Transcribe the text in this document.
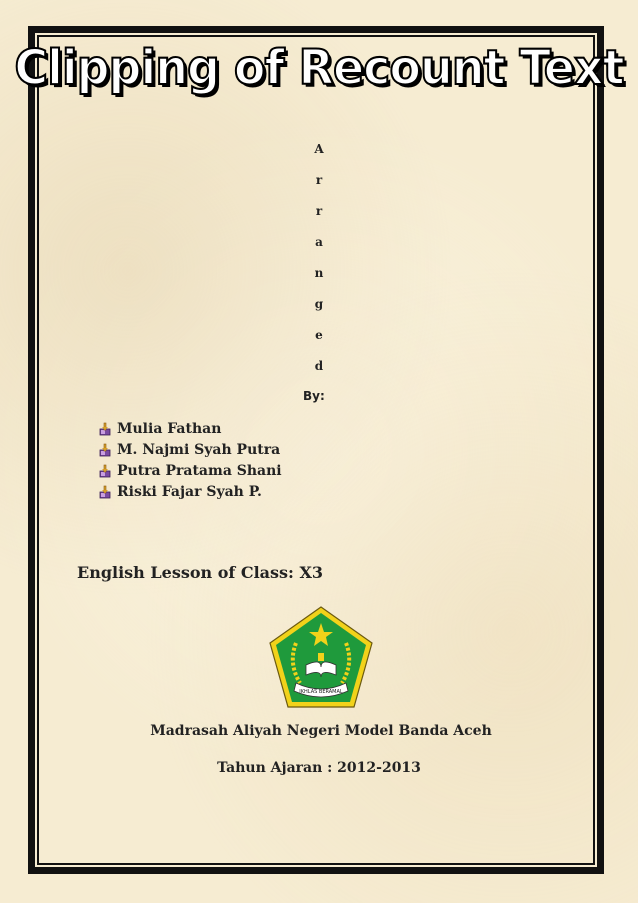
Clipping of Recount Text
A
r
r
a
n
g
e
d
By:
Mulia Fathan
M. Najmi Syah Putra
Putra Pratama Shani
Riski Fajar Syah P.
English Lesson of Class: X3
IKHLAS BERAMAL
Madrasah Aliyah Negeri Model Banda Aceh
Tahun Ajaran : 2012-2013
